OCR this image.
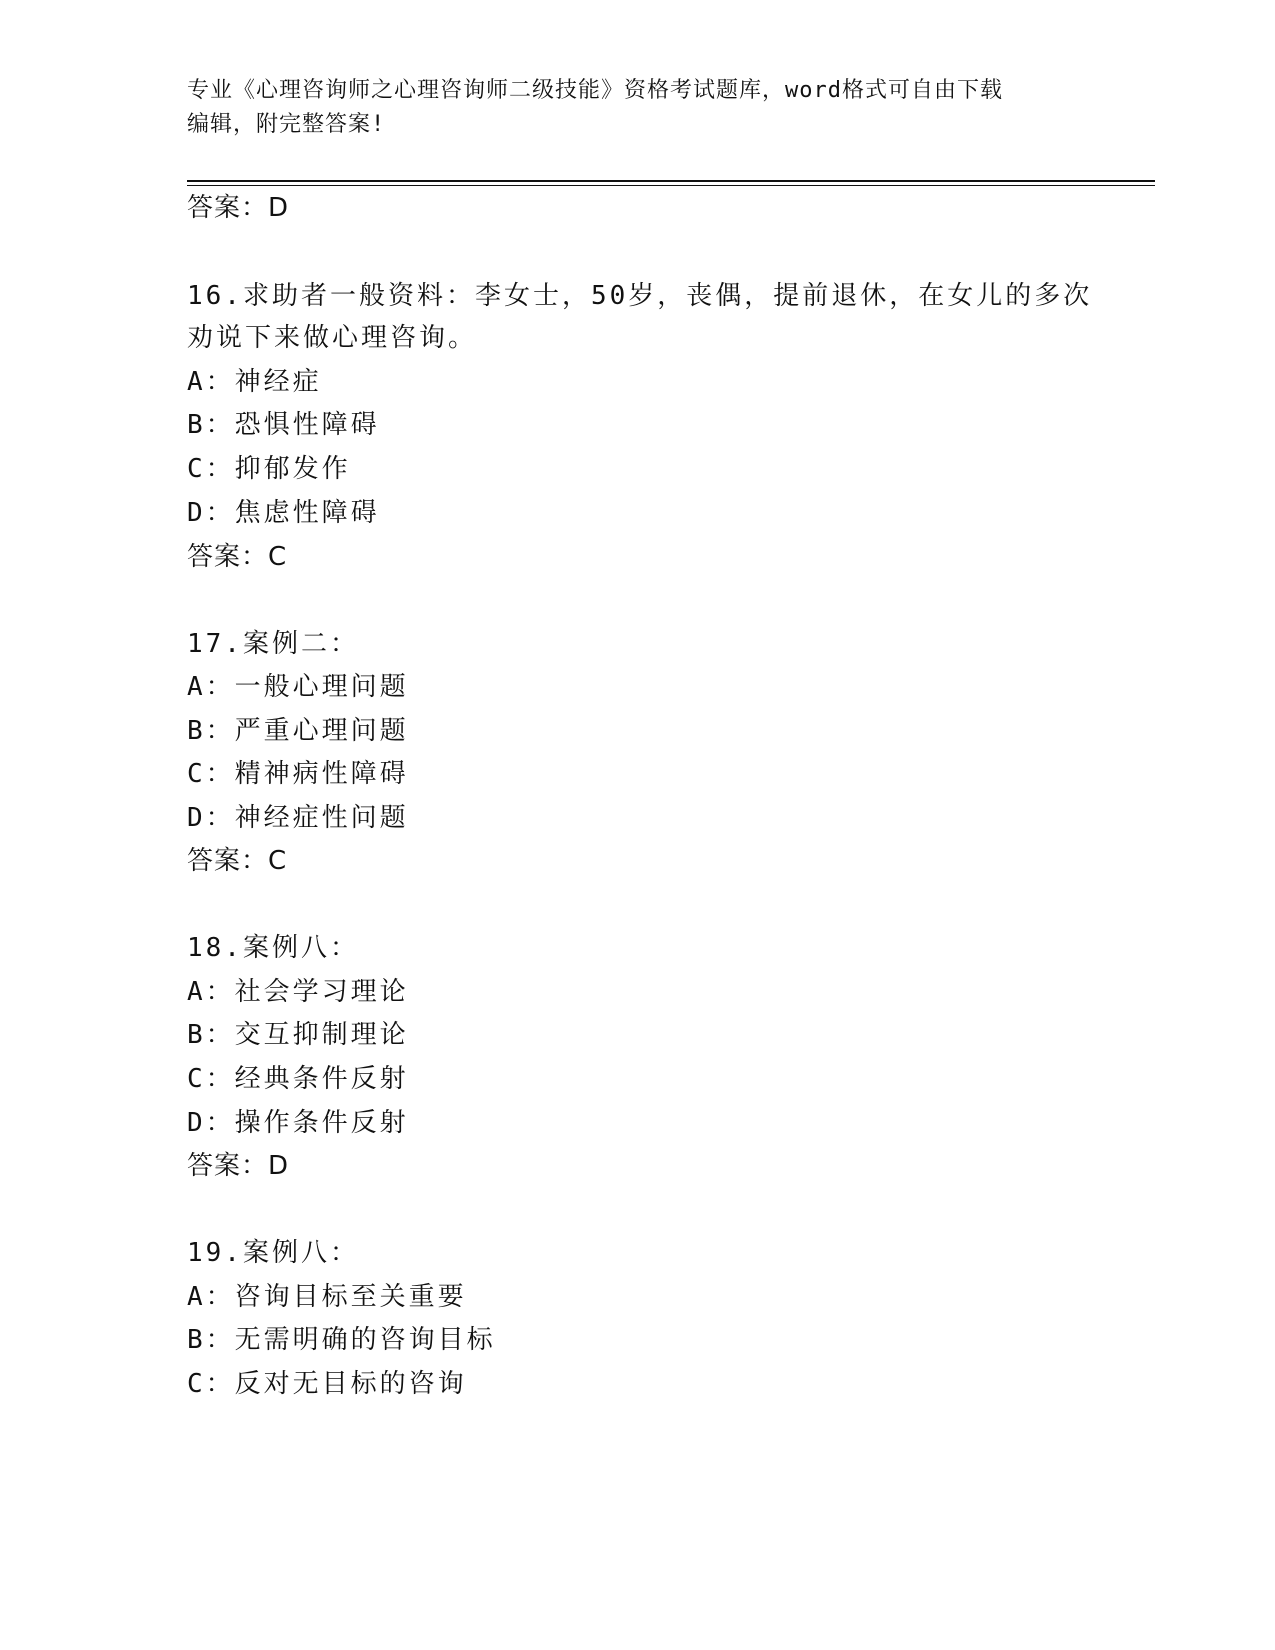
专业《心理咨询师之心理咨询师二级技能》资格考试题库，word格式可自由下载
编辑，附完整答案!
答案：D
16.求助者一般资料：李女士，50岁，丧偶，提前退休，在女儿的多次
劝说下来做心理咨询。
A：神经症
B：恐惧性障碍
C：抑郁发作
D：焦虑性障碍
答案：C
17.案例二：
A：一般心理问题
B：严重心理问题
C：精神病性障碍
D：神经症性问题
答案：C
18.案例八：
A：社会学习理论
B：交互抑制理论
C：经典条件反射
D：操作条件反射
答案：D
19.案例八：
A：咨询目标至关重要
B：无需明确的咨询目标
C：反对无目标的咨询
